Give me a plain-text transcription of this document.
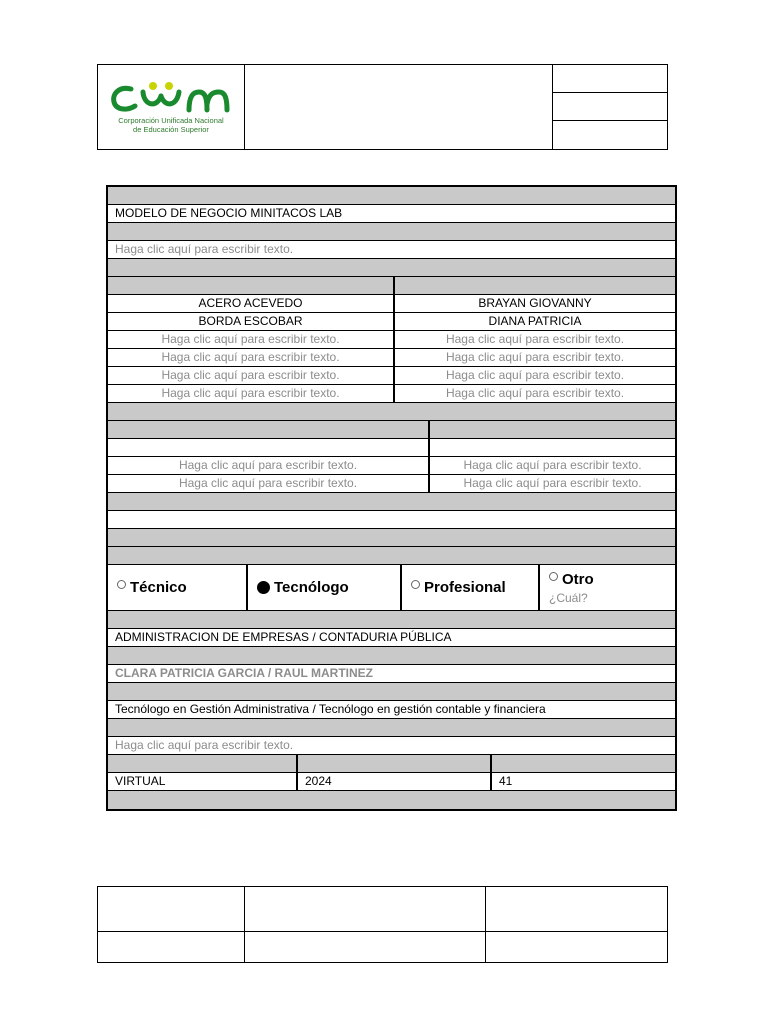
Corporación Unificada Nacional
de Educación Superior

MODELO DE NEGOCIO MINITACOS LAB
Haga clic aquí para escribir texto.
ACERO ACEVEDO	BRAYAN GIOVANNY
BORDA ESCOBAR	DIANA PATRICIA
Haga clic aquí para escribir texto.	Haga clic aquí para escribir texto.
Haga clic aquí para escribir texto.	Haga clic aquí para escribir texto.
Haga clic aquí para escribir texto.	Haga clic aquí para escribir texto.
Haga clic aquí para escribir texto.	Haga clic aquí para escribir texto.
Haga clic aquí para escribir texto.	Haga clic aquí para escribir texto.
Haga clic aquí para escribir texto.	Haga clic aquí para escribir texto.
Técnico	Tecnólogo	Profesional	Otro
¿Cuál?
ADMINISTRACION DE EMPRESAS / CONTADURIA PÚBLICA
CLARA PATRICIA GARCIA / RAUL MARTINEZ
Tecnólogo en Gestión Administrativa / Tecnólogo en gestión contable y financiera
Haga clic aquí para escribir texto.
VIRTUAL	2024	41
